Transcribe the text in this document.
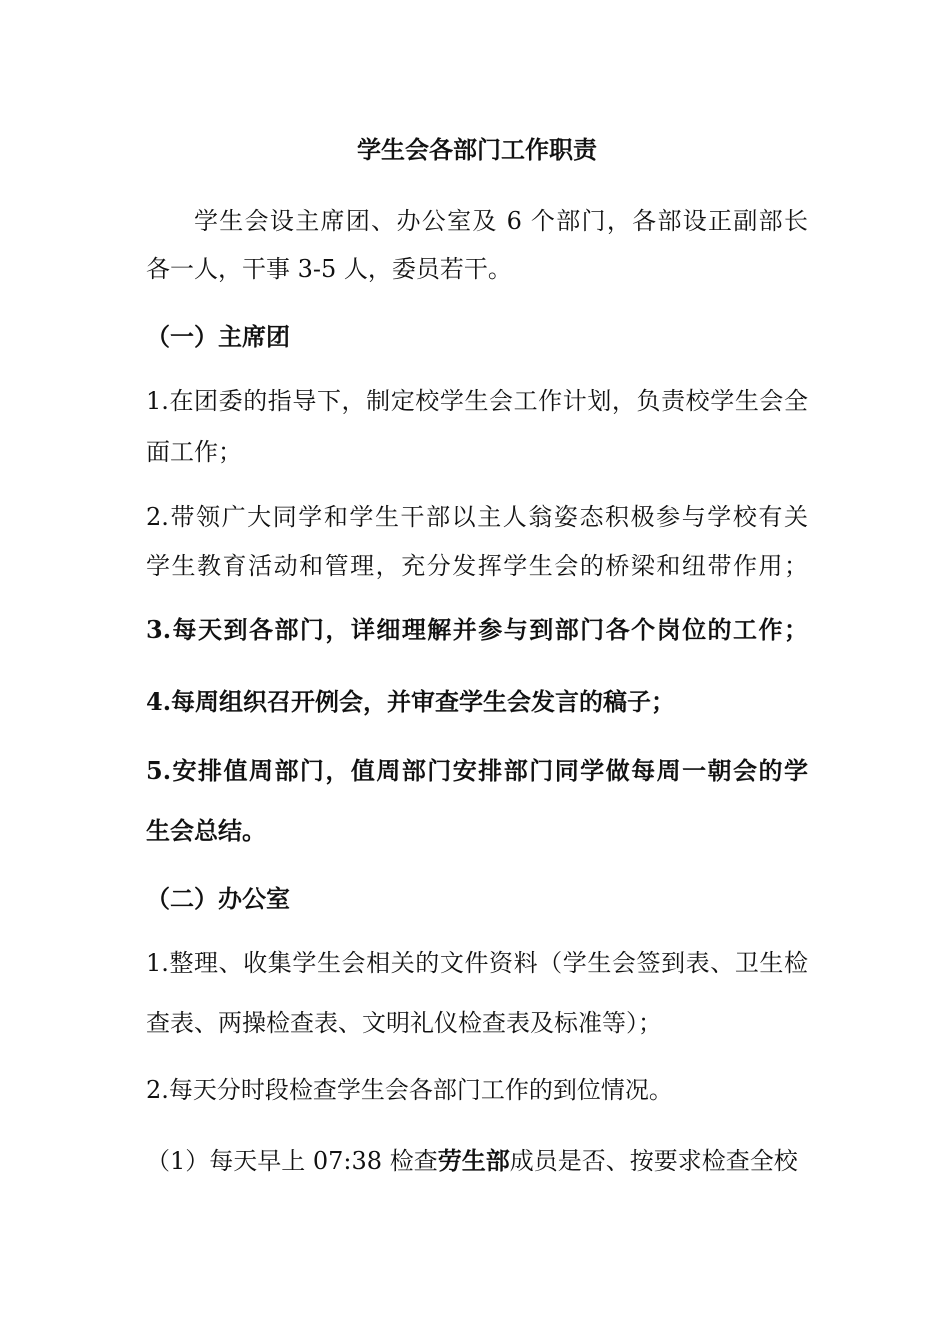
学生会各部门工作职责
学生会设主席团、办公室及 6 个部门，各部设正副部长
各一人，干事 3-5 人，委员若干。
（一）主席团
1.在团委的指导下，制定校学生会工作计划，负责校学生会全
面工作；
2.带领广大同学和学生干部以主人翁姿态积极参与学校有关
学生教育活动和管理，充分发挥学生会的桥梁和纽带作用；
3.每天到各部门，详细理解并参与到部门各个岗位的工作；
4.每周组织召开例会，并审查学生会发言的稿子；
5.安排值周部门，值周部门安排部门同学做每周一朝会的学
生会总结。
（二）办公室
1.整理、收集学生会相关的文件资料（学生会签到表、卫生检
查表、两操检查表、文明礼仪检查表及标准等）；
2.每天分时段检查学生会各部门工作的到位情况。
（1）每天早上 07:38 检查劳生部成员是否、按要求检查全校
